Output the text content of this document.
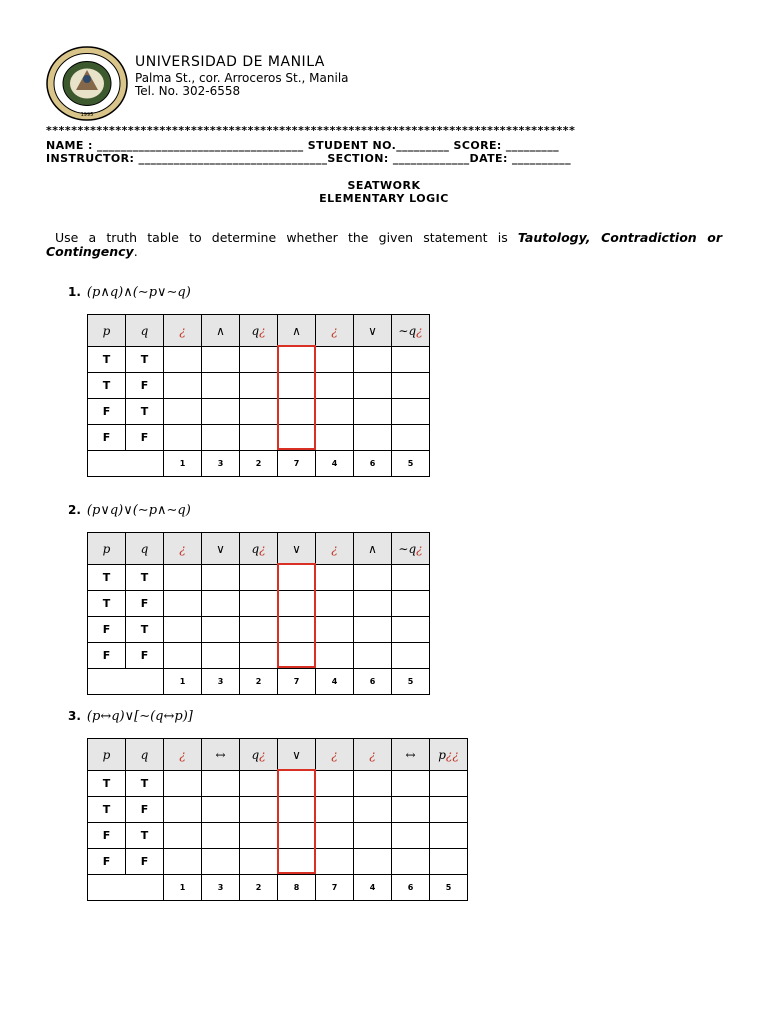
1995
UNIVERSIDAD DE MANILA
Palma St., cor. Arroceros St., Manila
Tel. No. 302-6558
************************************************************************************
NAME : ___________________________________ STUDENT NO._________ SCORE: _________
INSTRUCTOR: ________________________________SECTION: _____________DATE: __________
SEATWORK
ELEMENTARY LOGIC
Use a truth table to determine whether the given statement is Tautology, Contradiction or Contingency.
1. (p∧q)∧(∼p∨∼q)
p	q	¿	∧	q¿	∧	¿	∨	∼q¿
T	T							
T	F							
F	T							
F	F							
		1	3	2	7	4	6	5
2. (p∨q)∨(∼p∧∼q)
p	q	¿	∨	q¿	∨	¿	∧	∼q¿
T	T							
T	F							
F	T							
F	F							
		1	3	2	7	4	6	5
3. (p↔q)∨[∼(q↔p)]
p	q	¿	↔	q¿	∨	¿	¿	↔	p¿¿
T	T								
T	F								
F	T								
F	F								
		1	3	2	8	7	4	6	5
